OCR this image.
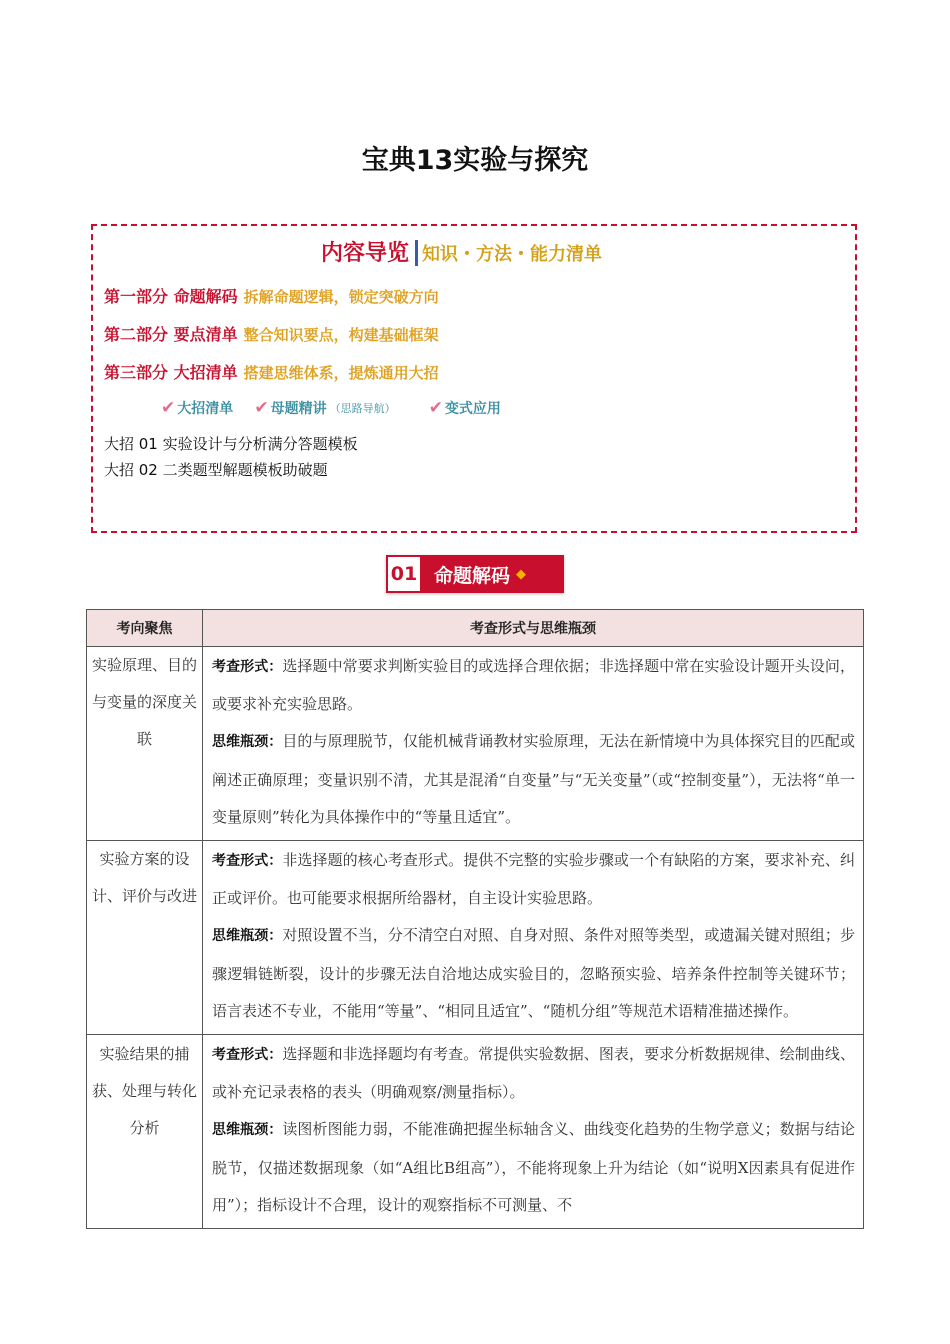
宝典13实验与探究
内容导览 知识・方法・能力清单
第一部分 命题解码 拆解命题逻辑，锁定突破方向
第二部分 要点清单 整合知识要点，构建基础框架
第三部分 大招清单 搭建思维体系，提炼通用大招
✔ 大招清单
✔ 母题精讲 （思路导航）
✔ 变式应用
大招 01 实验设计与分析满分答题模板
大招 02 二类题型解题模板助破题
01 命题解码 ◆
考向聚焦	考查形式与思维瓶颈
实验原理、目的与变量的深度关联	考查形式：选择题中常要求判断实验目的或选择合理依据；非选择题中常在实验设计题开头设问，或要求补充实验思路。
思维瓶颈：目的与原理脱节，仅能机械背诵教材实验原理，无法在新情境中为具体探究目的匹配或阐述正确原理；变量识别不清，尤其是混淆“自变量”与“无关变量”（或“控制变量”），无法将“单一变量原则”转化为具体操作中的“等量且适宜”。

实验方案的设计、评价与改进	考查形式：非选择题的核心考查形式。提供不完整的实验步骤或一个有缺陷的方案，要求补充、纠正或评价。也可能要求根据所给器材，自主设计实验思路。
思维瓶颈：对照设置不当，分不清空白对照、自身对照、条件对照等类型，或遗漏关键对照组；步骤逻辑链断裂，设计的步骤无法自洽地达成实验目的，忽略预实验、培养条件控制等关键环节；语言表述不专业，不能用“等量”、“相同且适宜”、“随机分组”等规范术语精准描述操作。

实验结果的捕获、处理与转化分析	考查形式：选择题和非选择题均有考查。常提供实验数据、图表，要求分析数据规律、绘制曲线、或补充记录表格的表头（明确观察/测量指标）。
思维瓶颈：读图析图能力弱，不能准确把握坐标轴含义、曲线变化趋势的生物学意义；数据与结论脱节，仅描述数据现象（如“A组比B组高”），不能将现象上升为结论（如“说明X因素具有促进作用”）；指标设计不合理，设计的观察指标不可测量、不
